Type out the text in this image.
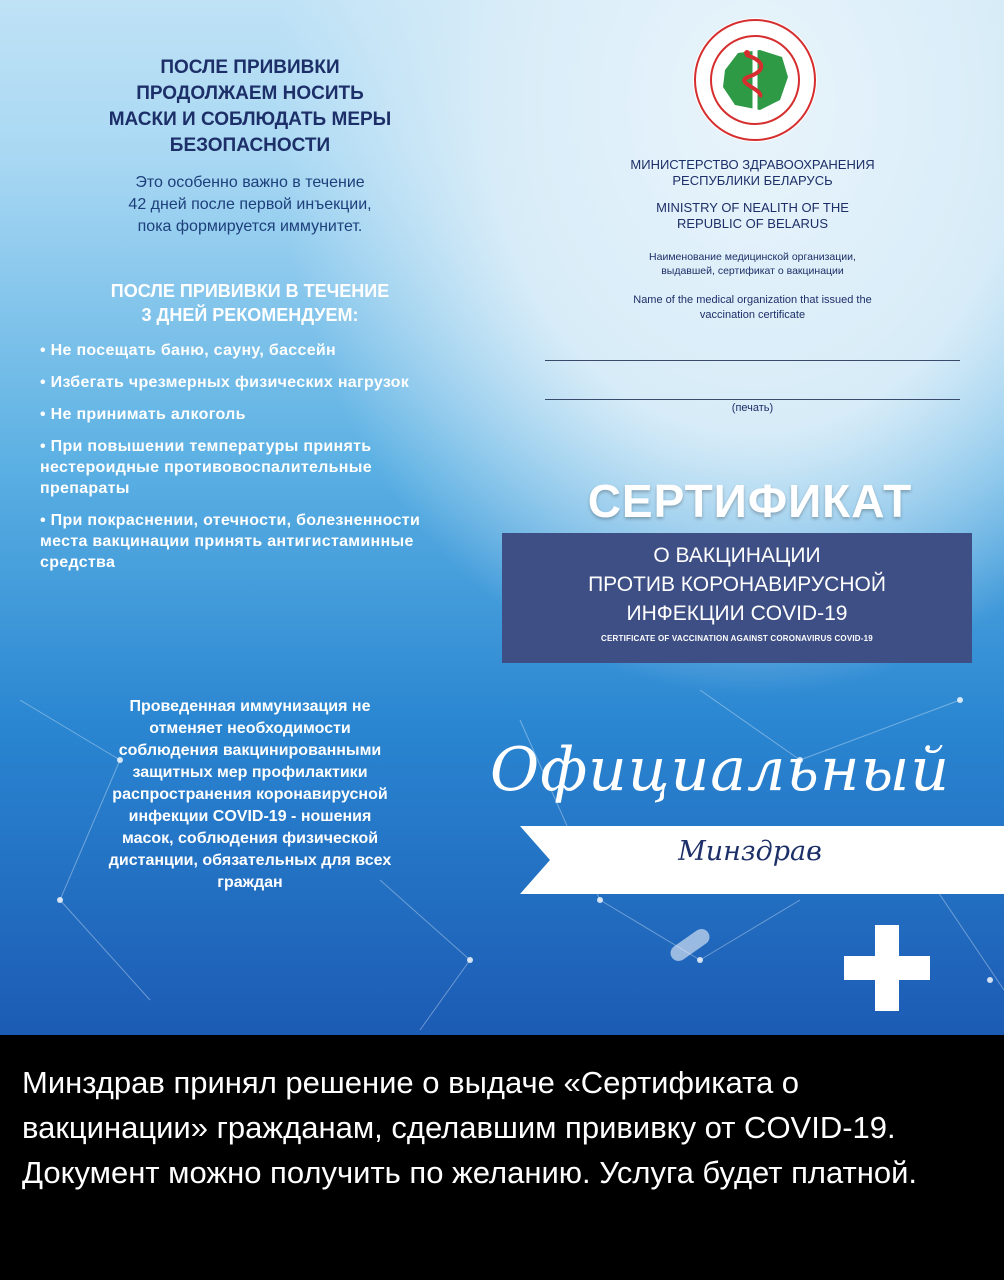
ПОСЛЕ ПРИВИВКИ
ПРОДОЛЖАЕМ НОСИТЬ
МАСКИ И СОБЛЮДАТЬ МЕРЫ
БЕЗОПАСНОСТИ
Это особенно важно в течение
42 дней после первой инъекции,
пока формируется иммунитет.
ПОСЛЕ ПРИВИВКИ В ТЕЧЕНИЕ
3 ДНЕЙ РЕКОМЕНДУЕМ:
• Не посещать баню, сауну, бассейн
• Избегать чрезмерных физических нагрузок
• Не принимать алкоголь
• При повышении температуры принять нестероидные противовоспалительные препараты
• При покраснении, отечности, болезненности места вакцинации принять антигистаминные средства
Проведенная иммунизация не
отменяет необходимости
соблюдения вакцинированными
защитных мер профилактики
распространения коронавирусной
инфекции COVID-19 - ношения
масок, соблюдения физической
дистанции, обязательных для всех
граждан
МИНИСТЕРСТВО ЗДРАВООХРАНЕНИЯ
РЕСПУБЛИКИ БЕЛАРУСЬ
MINISTRY OF NEALITH OF THE
REPUBLIC OF BELARUS
Наименование медицинской организации,
выдавшей, сертификат о вакцинации
Name of the medical organization that issued the
vaccination certificate
(печать)
СЕРТИФИКАТ
О ВАКЦИНАЦИИ
ПРОТИВ КОРОНАВИРУСНОЙ
ИНФЕКЦИИ COVID-19
CERTIFICATE OF VACCINATION AGAINST CORONAVIRUS COVID-19
Официальный
Минздрав
Минздрав принял решение о выдаче «Сертификата о вакцинации» гражданам, сделавшим прививку от COVID-19. Документ можно получить по желанию. Услуга будет платной.
